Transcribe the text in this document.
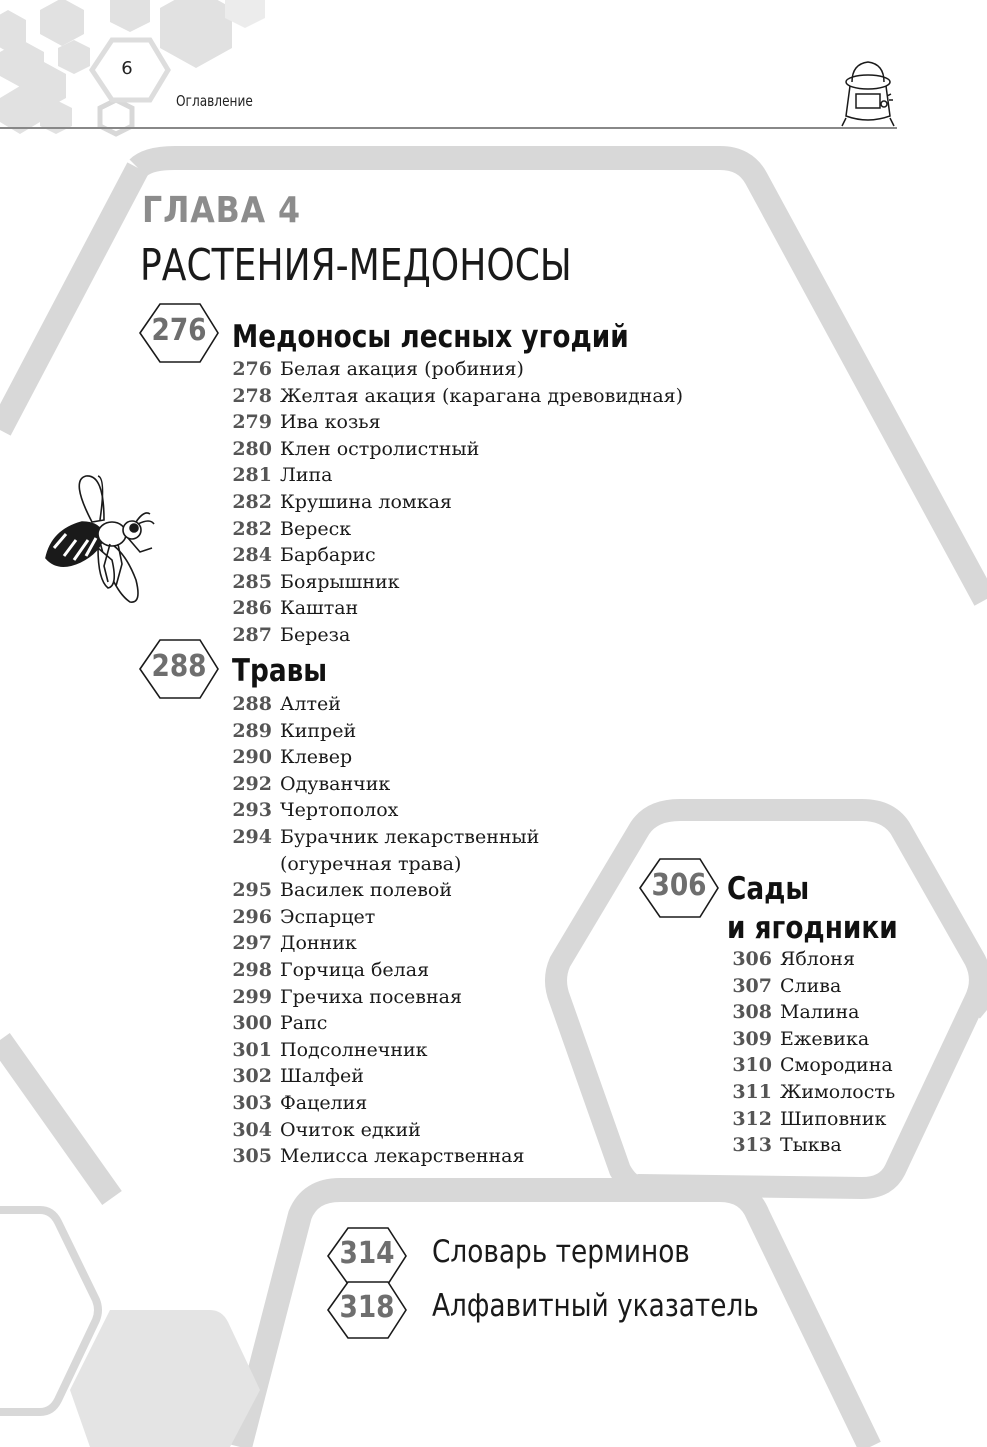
6
Оглавление
ГЛАВА 4
РАСТЕНИЯ-МЕДОНОСЫ
276 Медоносы лесных угодий
276 Белая акация (робиния)
278 Желтая акация (карагана древовидная)
279 Ива козья
280 Клен остролистный
281 Липа
282 Крушина ломкая
282 Вереск
284 Барбарис
285 Боярышник
286 Каштан
287 Береза
288 Травы
288 Алтей
289 Кипрей
290 Клевер
292 Одуванчик
293 Чертополох
294 Бурачник лекарственный
(огуречная трава)
295 Василек полевой
296 Эспарцет
297 Донник
298 Горчица белая
299 Гречиха посевная
300 Рапс
301 Подсолнечник
302 Шалфей
303 Фацелия
304 Очиток едкий
305 Мелисса лекарственная
306 Сады
и ягодники
306 Яблоня
307 Слива
308 Малина
309 Ежевика
310 Смородина
311 Жимолость
312 Шиповник
313 Тыква
314 Словарь терминов
318 Алфавитный указатель
